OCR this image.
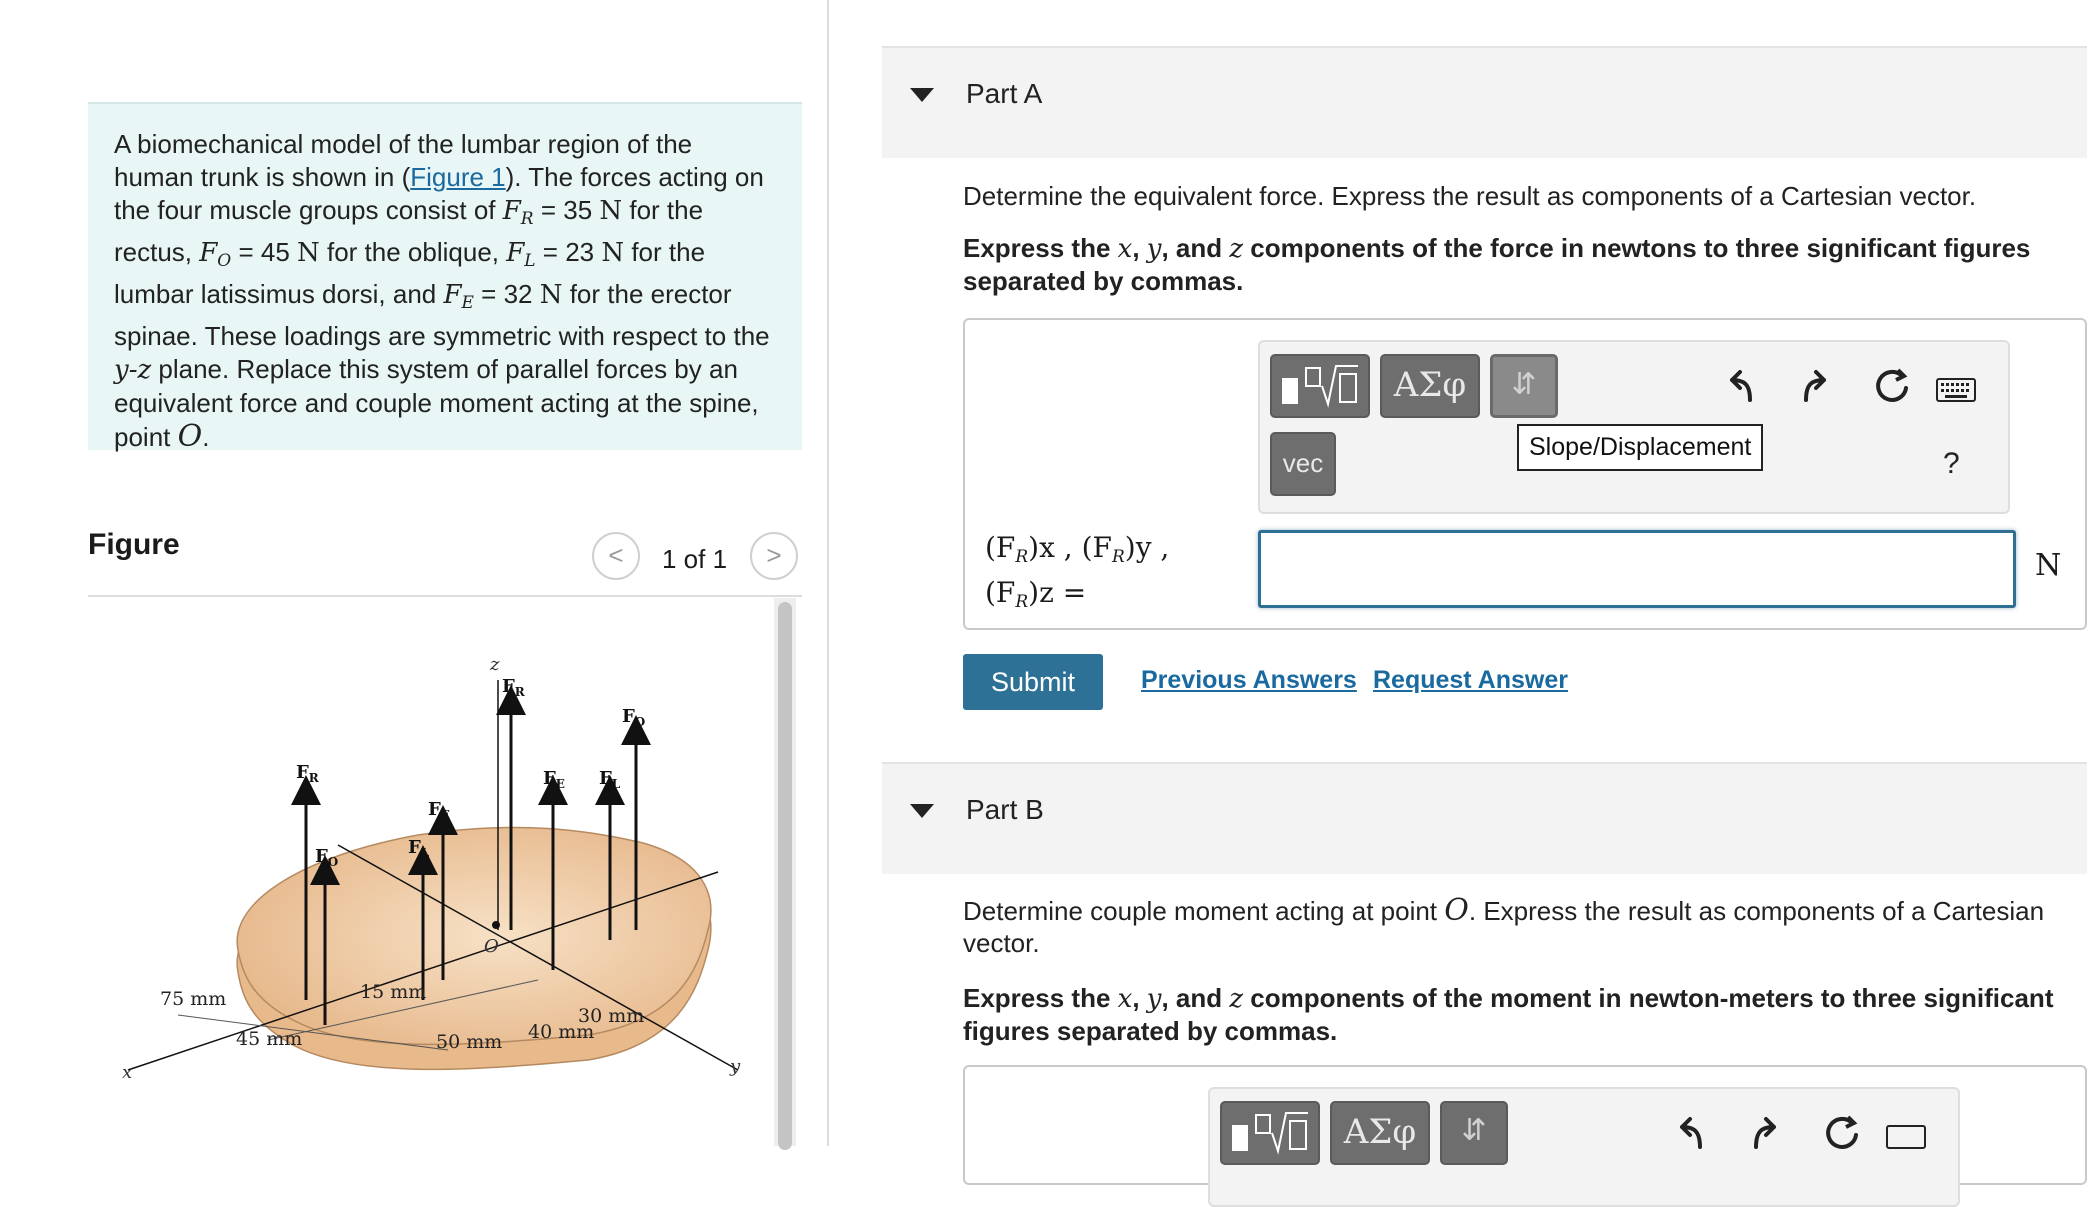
A biomechanical model of the lumbar region of the human trunk is shown in (Figure 1). The forces acting on the four muscle groups consist of $F_R = 35$ N for the rectus, $F_O = 45$ N for the oblique, $F_L = 23$ N for the lumbar latissimus dorsi, and $F_E = 32$ N for the erector spinae. These loadings are symmetric with respect to the y-z plane. Replace this system of parallel forces by an equivalent force and couple moment acting at the spine, point O.
Figure	<	1 of 1	>
$F_R$
$F_O$
$F_E$
$F_L$
$F_R$
$F_E$ $F_L$
$F_O$
z
O
x	y
75 mm
45 mm
15 mm
50 mm 40 mm
30 mm
Part A
Determine the equivalent force. Express the result as components of a Cartesian vector.
Express the x, y, and z components of the force in newtons to three significant figures separated by commas.
ΑΣφ	⇵
vec
Slope/Displacement	?
$(F_R)x$ , $(F_R)y$ ,
$(F_R)z$ =
N
Submit	Previous Answers Request Answer
Part B
Determine couple moment acting at point O. Express the result as components of a Cartesian vector.
Express the x, y, and z components of the moment in newton-meters to three significant figures separated by commas.
ΑΣφ	⇵
